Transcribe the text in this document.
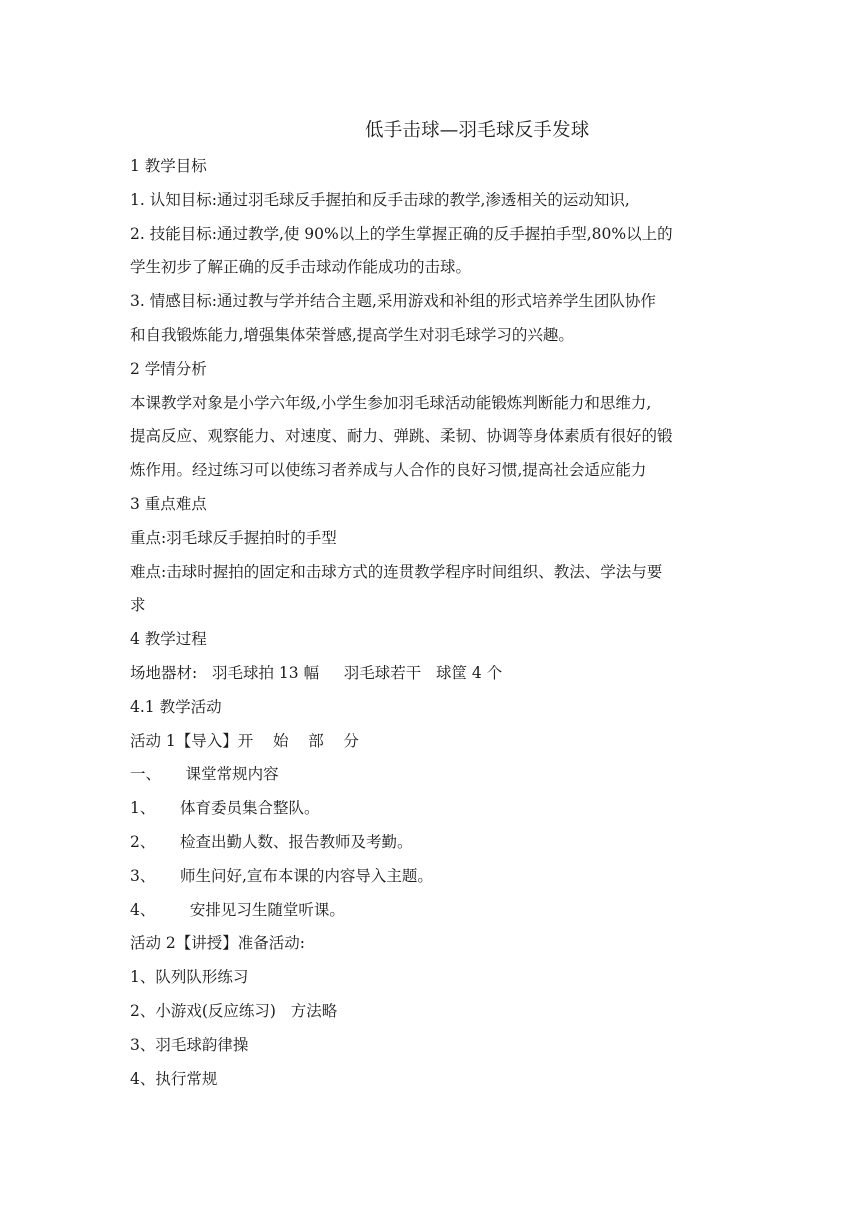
低手击球—羽毛球反手发球
1 教学目标
1. 认知目标:通过羽毛球反手握拍和反手击球的教学,渗透相关的运动知识,
2. 技能目标:通过教学,使 90%以上的学生掌握正确的反手握拍手型,80%以上的
学生初步了解正确的反手击球动作能成功的击球。
3. 情感目标:通过教与学并结合主题,采用游戏和补组的形式培养学生团队协作
和自我锻炼能力,增强集体荣誉感,提高学生对羽毛球学习的兴趣。
2 学情分析
本课教学对象是小学六年级,小学生参加羽毛球活动能锻炼判断能力和思维力,
提高反应、观察能力、对速度、耐力、弹跳、柔韧、协调等身体素质有很好的锻
炼作用。经过练习可以使练习者养成与人合作的良好习惯,提高社会适应能力
3 重点难点
重点:羽毛球反手握拍时的手型
难点:击球时握拍的固定和击球方式的连贯教学程序时间组织、教法、学法与要
求
4 教学过程
场地器材:   羽毛球拍 13 幅     羽毛球若干   球筐 4 个
4.1 教学活动
活动 1【导入】开    始    部    分
一、     课堂常规内容
1、     体育委员集合整队。
2、     检查出勤人数、报告教师及考勤。
3、     师生问好,宣布本课的内容导入主题。
4、       安排见习生随堂听课。
活动 2【讲授】准备活动:
1、队列队形练习
2、小游戏(反应练习)   方法略
3、羽毛球韵律操
4、执行常规
